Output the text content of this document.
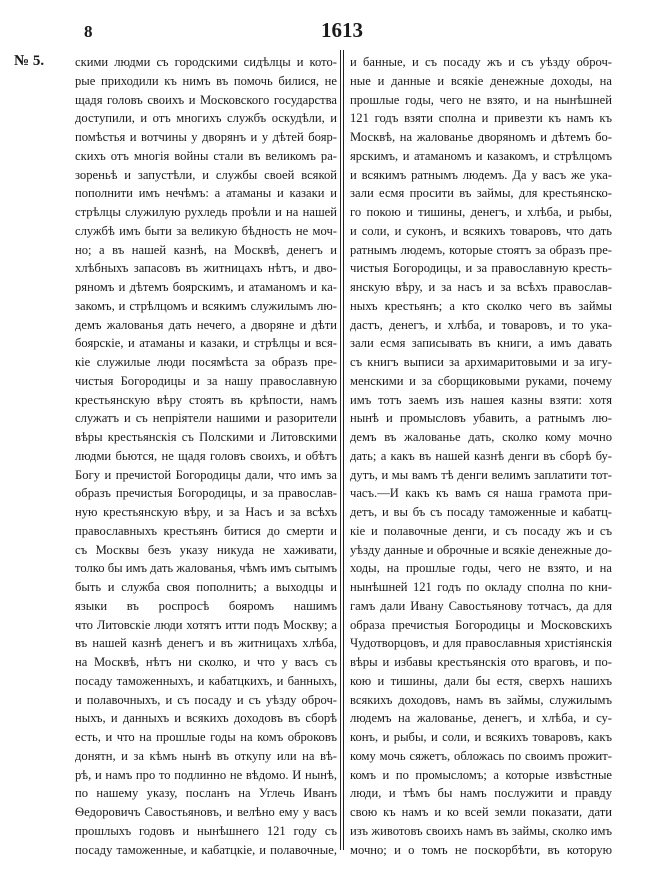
8	1613
№ 5. скими людми съ городскими сидѣлцы и кото-
рые приходили къ нимъ въ помочь билися, не
щадя головъ своихъ и Московского государства
доступили, и отъ многихъ службъ оскудѣли, и
помѣстья и вотчины у дворянъ и у дѣтей бояр-
скихъ отъ многія войны стали въ великомъ ра-
зореньѣ и запустѣли, и службы своей всякой
пополнити имъ нечѣмъ: а атаманы и казаки и
стрѣлцы служилую рухледь проѣли и на нашей
службѣ имъ быти за великую бѣдность не моч-
но; а въ нашей казнѣ, на Москвѣ, денегъ и
хлѣбныхъ запасовъ въ житницахъ нѣтъ, и дво-
ряномъ и дѣтемъ боярскимъ, и атаманомъ и ка-
закомъ, и стрѣлцомъ и всякимъ служилымъ лю-
демъ жалованья дать нечего, а дворяне и дѣти
боярскіе, и атаманы и казаки, и стрѣлцы и вся-
кіе служилые люди посямѣста за образъ пре-
чистыя Богородицы и за нашу православную
крестьянскую вѣру стоятъ въ крѣпости, намъ
служатъ и съ непріятели нашими и разорители
вѣры крестьянскія съ Полскими и Литовскими
людми бьются, не щадя головъ своихъ, и обѣтъ
Богу и пречистой Богородицы дали, что имъ за
образъ пречистыя Богородицы, и за православ-
ную крестьянскую вѣру, и за Насъ и за всѣхъ
православныхъ крестьянъ битися до смерти и
съ Москвы безъ указу никуда не хаживати,
толко бы имъ дать жалованья, чѣмъ имъ сытымъ
быть и служба своя пополнить; а выходцы и
языки въ роспросѣ бояромъ нашимъ
что Литовскіе люди хотятъ итти подъ Москву; а
въ нашей казнѣ денегъ и въ житницахъ хлѣба,
на Москвѣ, нѣтъ ни сколко, и что у васъ съ
посаду таможенныхъ, и кабатцкихъ, и банныхъ,
и полавочныхъ, и съ посаду и съ уѣзду оброч-
ныхъ, и данныхъ и всякихъ доходовъ въ сборѣ
есть, и что на прошлые годы на комъ оброковъ
донятн, и за кѣмъ нынѣ въ откупу или на вѣ-
рѣ, и намъ про то подлинно не вѣдомо. И нынѣ,
по нашему указу, посланъ на Углечь Иванъ
Ѳедоровичъ Савостьяновъ, и велѣно ему у васъ
прошлыхъ годовъ и нынѣшнего 121 году съ
посаду таможенные, и кабатцкіе, и полавочные,
и банные, и съ посаду жъ и съ уѣзду оброч-
ные и данные и всякіе денежные доходы, на
прошлые годы, чего не взято, и на нынѣшней
121 годъ взяти сполна и привезти къ намъ къ
Москвѣ, на жалованье дворяномъ и дѣтемъ бо-
ярскимъ, и атаманомъ и казакомъ, и стрѣлцомъ
и всякимъ ратнымъ людемъ. Да у васъ же ука-
зали есмя просити въ займы, для крестьянско-
го покою и тишины, денегъ, и хлѣба, и рыбы,
и соли, и суконъ, и всякихъ товаровъ, что дать
ратнымъ людемъ, которые стоятъ за образъ пре-
чистыя Богородицы, и за православную кресть-
янскую вѣру, и за насъ и за всѣхъ православ-
ныхъ крестьянъ; а кто сколко чего въ займы
дастъ, денегъ, и хлѣба, и товаровъ, и то ука-
зали есмя записывать въ книги, а имъ давать
съ книгъ выписи за архимаритовыми и за игу-
менскими и за сборщиковыми руками, почему
имъ тотъ заемъ изъ нашея казны взяти: хотя
нынѣ и промысловъ убавить, а ратнымъ лю-
демъ въ жалованье дать, сколко кому мочно
дать; а какъ въ нашей казнѣ денги въ сборѣ бу-
дутъ, и мы вамъ тѣ денги велимъ заплатити тот-
часъ.—И какъ къ вамъ ся наша грамота при-
детъ, и вы бъ съ посаду таможенные и кабатц-
кіе и полавочные денги, и съ посаду жъ и съ
уѣзду данные и оброчные и всякіе денежные до-
ходы, на прошлые годы, чего не взято, и на
нынѣшней 121 годъ по окладу сполна по кни-
гамъ дали Ивану Савостьянову тотчасъ, да для
образа пречистыя Богородицы и Московскихъ
Чудотворцовъ, и для православныя христіянскія
вѣры и избавы крестьянскія ото враговъ, и по-
кою и тишины, дали бы естя, сверхъ нашихъ
всякихъ доходовъ, намъ въ займы, служилымъ
людемъ на жалованье, денегъ, и хлѣба, и су-
конъ, и рыбы, и соли, и всякихъ товаровъ, какъ
кому мочь сяжетъ, обложась по своимъ прожит-
комъ и по промысломъ; а которые извѣстные
люди, и тѣмъ бы намъ послужити и правду
свою къ намъ и ко всей земли показати, дати
изъ животовъ своихъ намъ въ займы, сколко имъ
мочно; и о томъ не поскорбѣти, въ которую
